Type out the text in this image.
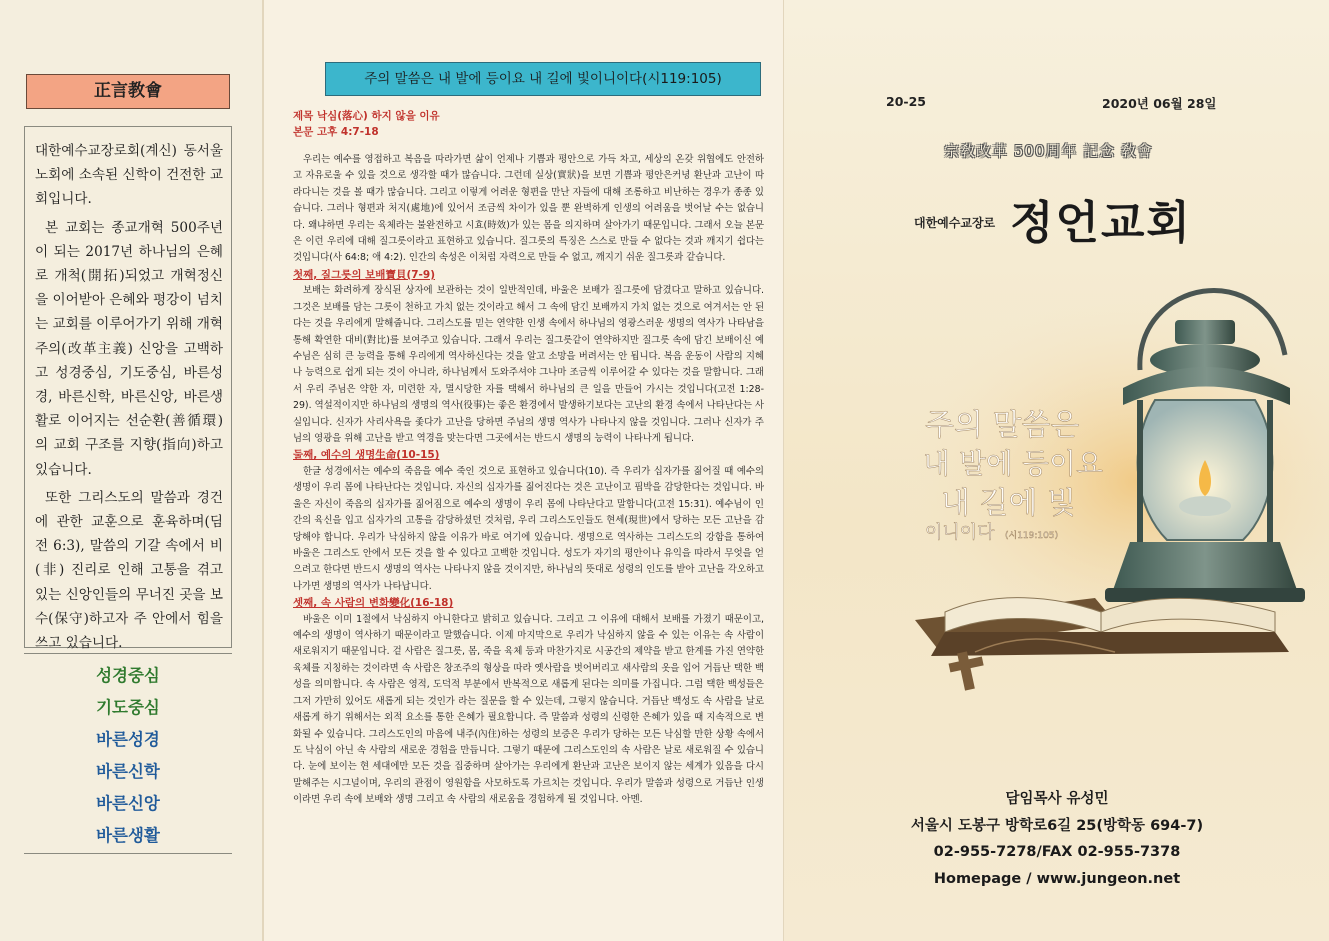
正言教會

대한예수교장로회(계신) 동서울 노회에 소속된 신학이 건전한 교회입니다.

본 교회는 종교개혁 500주년이 되는 2017년 하나님의 은혜로 개척(開拓)되었고 개혁정신을 이어받아 은혜와 평강이 넘치는 교회를 이루어가기 위해 개혁주의(改革主義) 신앙을 고백하고 성경중심, 기도중심, 바른성경, 바른신학, 바른신앙, 바른생활로 이어지는 선순환(善循環)의 교회 구조를 지향(指向)하고 있습니다.

또한 그리스도의 말씀과 경건에 관한 교훈으로 훈육하며(딤전 6:3), 말씀의 기갈 속에서 비(非) 진리로 인해 고통을 겪고 있는 신앙인들의 무너진 곳을 보수(保守)하고자 주 안에서 힘을 쓰고 있습니다.

성경중심
기도중심
바른성경
바른신학
바른신앙
바른생활
주의 말씀은 내 발에 등이요 내 길에 빛이니이다(시119:105)
제목 낙심(落心) 하지 않을 이유
본문 고후 4:7-18

우리는 예수를 영접하고 복음을 따라가면 삶이 언제나 기쁨과 평안으로 가득 차고, 세상의 온갖 위협에도 안전하고 자유로울 수 있을 것으로 생각할 때가 많습니다. 그런데 실상(實狀)을 보면 기쁨과 평안은커녕 환난과 고난이 따라다니는 것을 볼 때가 많습니다. 그리고 이렇게 어려운 형편을 만난 자들에 대해 조롱하고 비난하는 경우가 종종 있습니다. 그러나 형편과 처지(處地)에 있어서 조금씩 차이가 있을 뿐 완벽하게 인생의 어려움을 벗어날 수는 없습니다. 왜냐하면 우리는 육체라는 불완전하고 시효(時效)가 있는 몸을 의지하며 살아가기 때문입니다. 그래서 오늘 본문은 이런 우리에 대해 질그릇이라고 표현하고 있습니다. 질그릇의 특징은 스스로 만들 수 없다는 것과 깨지기 쉽다는 것입니다(사 64:8; 애 4:2). 인간의 속성은 이처럼 자력으로 만들 수 없고, 깨지기 쉬운 질그릇과 같습니다.

첫째, 질그릇의 보배寶貝(7-9)

보배는 화려하게 장식된 상자에 보관하는 것이 일반적인데, 바울은 보배가 질그릇에 담겼다고 말하고 있습니다. 그것은 보배를 담는 그릇이 천하고 가치 없는 것이라고 해서 그 속에 담긴 보배까지 가치 없는 것으로 여겨서는 안 된다는 것을 우리에게 말해줍니다. 그리스도를 믿는 연약한 인생 속에서 하나님의 영광스러운 생명의 역사가 나타남을 통해 확연한 대비(對比)를 보여주고 있습니다. 그래서 우리는 질그릇같이 연약하지만 질그릇 속에 담긴 보배이신 예수님은 심히 큰 능력을 통해 우리에게 역사하신다는 것을 알고 소망을 버려서는 안 됩니다. 복음 운동이 사람의 지혜나 능력으로 쉽게 되는 것이 아니라, 하나님께서 도와주셔야 그나마 조금씩 이루어갈 수 있다는 것을 말합니다. 그래서 우리 주님은 약한 자, 미련한 자, 멸시당한 자를 택해서 하나님의 큰 일을 만들어 가시는 것입니다(고전 1:28-29). 역설적이지만 하나님의 생명의 역사(役事)는 좋은 환경에서 발생하기보다는 고난의 환경 속에서 나타난다는 사실입니다. 신자가 사리사욕을 좇다가 고난을 당하면 주님의 생명 역사가 나타나지 않을 것입니다. 그러나 신자가 주님의 영광을 위해 고난을 받고 역경을 맞는다면 그곳에서는 반드시 생명의 능력이 나타나게 됩니다.

둘째, 예수의 생명生命(10-15)

한글 성경에서는 예수의 죽음을 예수 죽인 것으로 표현하고 있습니다(10). 즉 우리가 십자가를 짊어질 때 예수의 생명이 우리 몸에 나타난다는 것입니다. 자신의 십자가를 짊어진다는 것은 고난이고 핍박을 감당한다는 것입니다. 바울은 자신이 죽음의 십자가를 짊어짐으로 예수의 생명이 우리 몸에 나타난다고 말합니다(고전 15:31). 예수님이 인간의 육신을 입고 십자가의 고통을 감당하셨던 것처럼, 우리 그리스도인들도 현세(現世)에서 당하는 모든 고난을 감당해야 합니다. 우리가 낙심하지 않을 이유가 바로 여기에 있습니다. 생명으로 역사하는 그리스도의 강함을 통하여 바울은 그리스도 안에서 모든 것을 할 수 있다고 고백한 것입니다. 성도가 자기의 평안이나 유익을 따라서 무엇을 얻으려고 한다면 반드시 생명의 역사는 나타나지 않을 것이지만, 하나님의 뜻대로 성령의 인도를 받아 고난을 각오하고 나가면 생명의 역사가 나타납니다.

셋째, 속 사람의 변화變化(16-18)

바울은 이미 1절에서 낙심하지 아니한다고 밝히고 있습니다. 그리고 그 이유에 대해서 보배를 가졌기 때문이고, 예수의 생명이 역사하기 때문이라고 말했습니다. 이제 마지막으로 우리가 낙심하지 않을 수 있는 이유는 속 사람이 새로워지기 때문입니다. 겉 사람은 질그릇, 몸, 죽을 육체 등과 마찬가지로 시공간의 제약을 받고 한계를 가진 연약한 육체를 지칭하는 것이라면 속 사람은 창조주의 형상을 따라 옛사람을 벗어버리고 새사람의 옷을 입어 거듭난 택한 백성을 의미합니다. 속 사람은 영적, 도덕적 부분에서 반복적으로 새롭게 된다는 의미를 가집니다. 그럼 택한 백성들은 그저 가만히 있어도 새롭게 되는 것인가 라는 질문을 할 수 있는데, 그렇지 않습니다. 거듭난 백성도 속 사람을 날로 새롭게 하기 위해서는 외적 요소를 통한 은혜가 필요합니다. 즉 말씀과 성령의 신령한 은혜가 있을 때 지속적으로 변화될 수 있습니다. 그리스도인의 마음에 내주(內住)하는 성령의 보증은 우리가 당하는 모든 낙심할 만한 상황 속에서도 낙심이 아닌 속 사람의 새로운 경험을 만듭니다. 그렇기 때문에 그리스도인의 속 사람은 날로 새로워질 수 있습니다. 눈에 보이는 현 세대에만 모든 것을 집중하며 살아가는 우리에게 환난과 고난은 보이지 않는 세계가 있음을 다시 말해주는 시그널이며, 우리의 관점이 영원함을 사모하도록 가르치는 것입니다. 우리가 말씀과 성령으로 거듭난 인생이라면 우리 속에 보배와 생명 그리고 속 사람의 새로움을 경험하게 될 것입니다. 아멘.

20-25	2020년 06월 28일
宗敎改革 500周年 記念 敎會
대한예수교장로 정언교회
주의 말씀은
내 발에 등이요
내 길에 빛
이니이다 (시119:105)
담임목사 유성민
서울시 도봉구 방학로6길 25(방학동 694-7)
02-955-7278/FAX 02-955-7378
Homepage / www.jungeon.net
